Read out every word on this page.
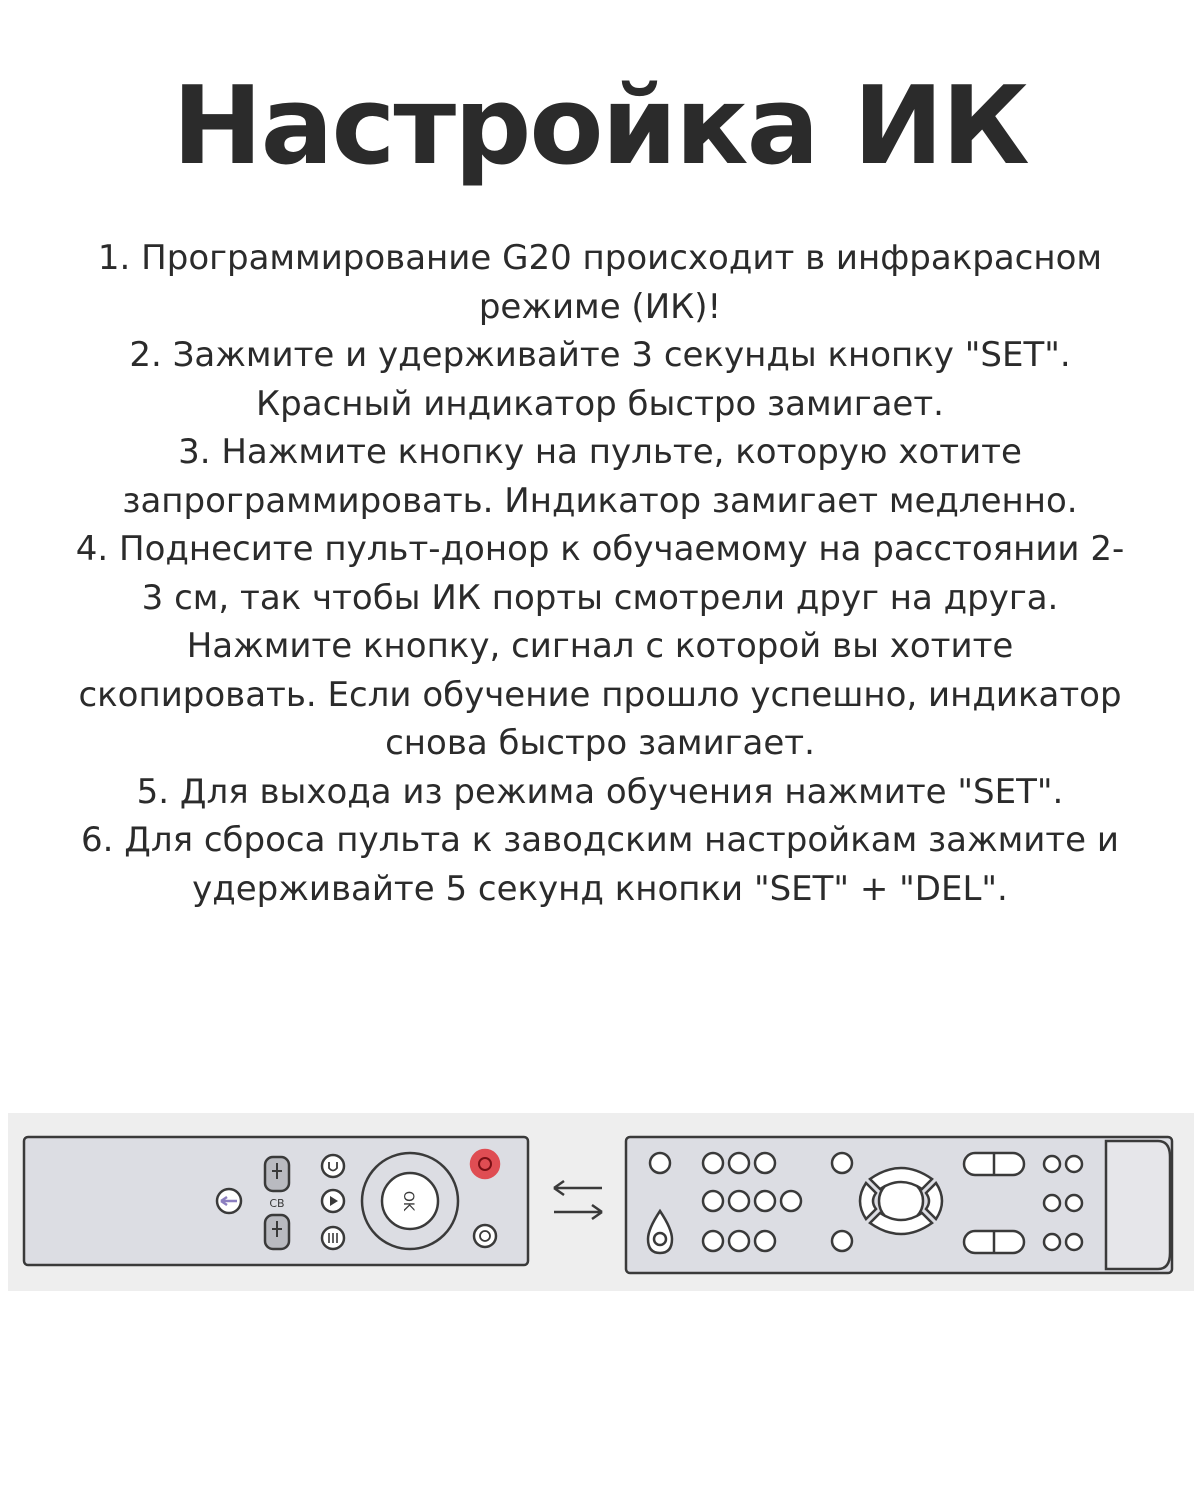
Настройка ИК
1. Программирование G20 происходит в инфракрасном режиме (ИК)!
2. Зажмите и удерживайте 3 секунды кнопку "SET". Красный индикатор быстро замигает.
3. Нажмите кнопку на пульте, которую хотите запрограммировать. Индикатор замигает медленно.
4. Поднесите пульт-донор к обучаемому на расстоянии 2-3 см, так чтобы ИК порты смотрели друг на друга. Нажмите кнопку, сигнал с которой вы хотите скопировать. Если обучение прошло успешно, индикатор снова быстро замигает.
5. Для выхода из режима обучения нажмите "SET".
6. Для сброса пульта к заводским настройкам зажмите и удерживайте 5 секунд кнопки "SET" + "DEL".
CB	OK
